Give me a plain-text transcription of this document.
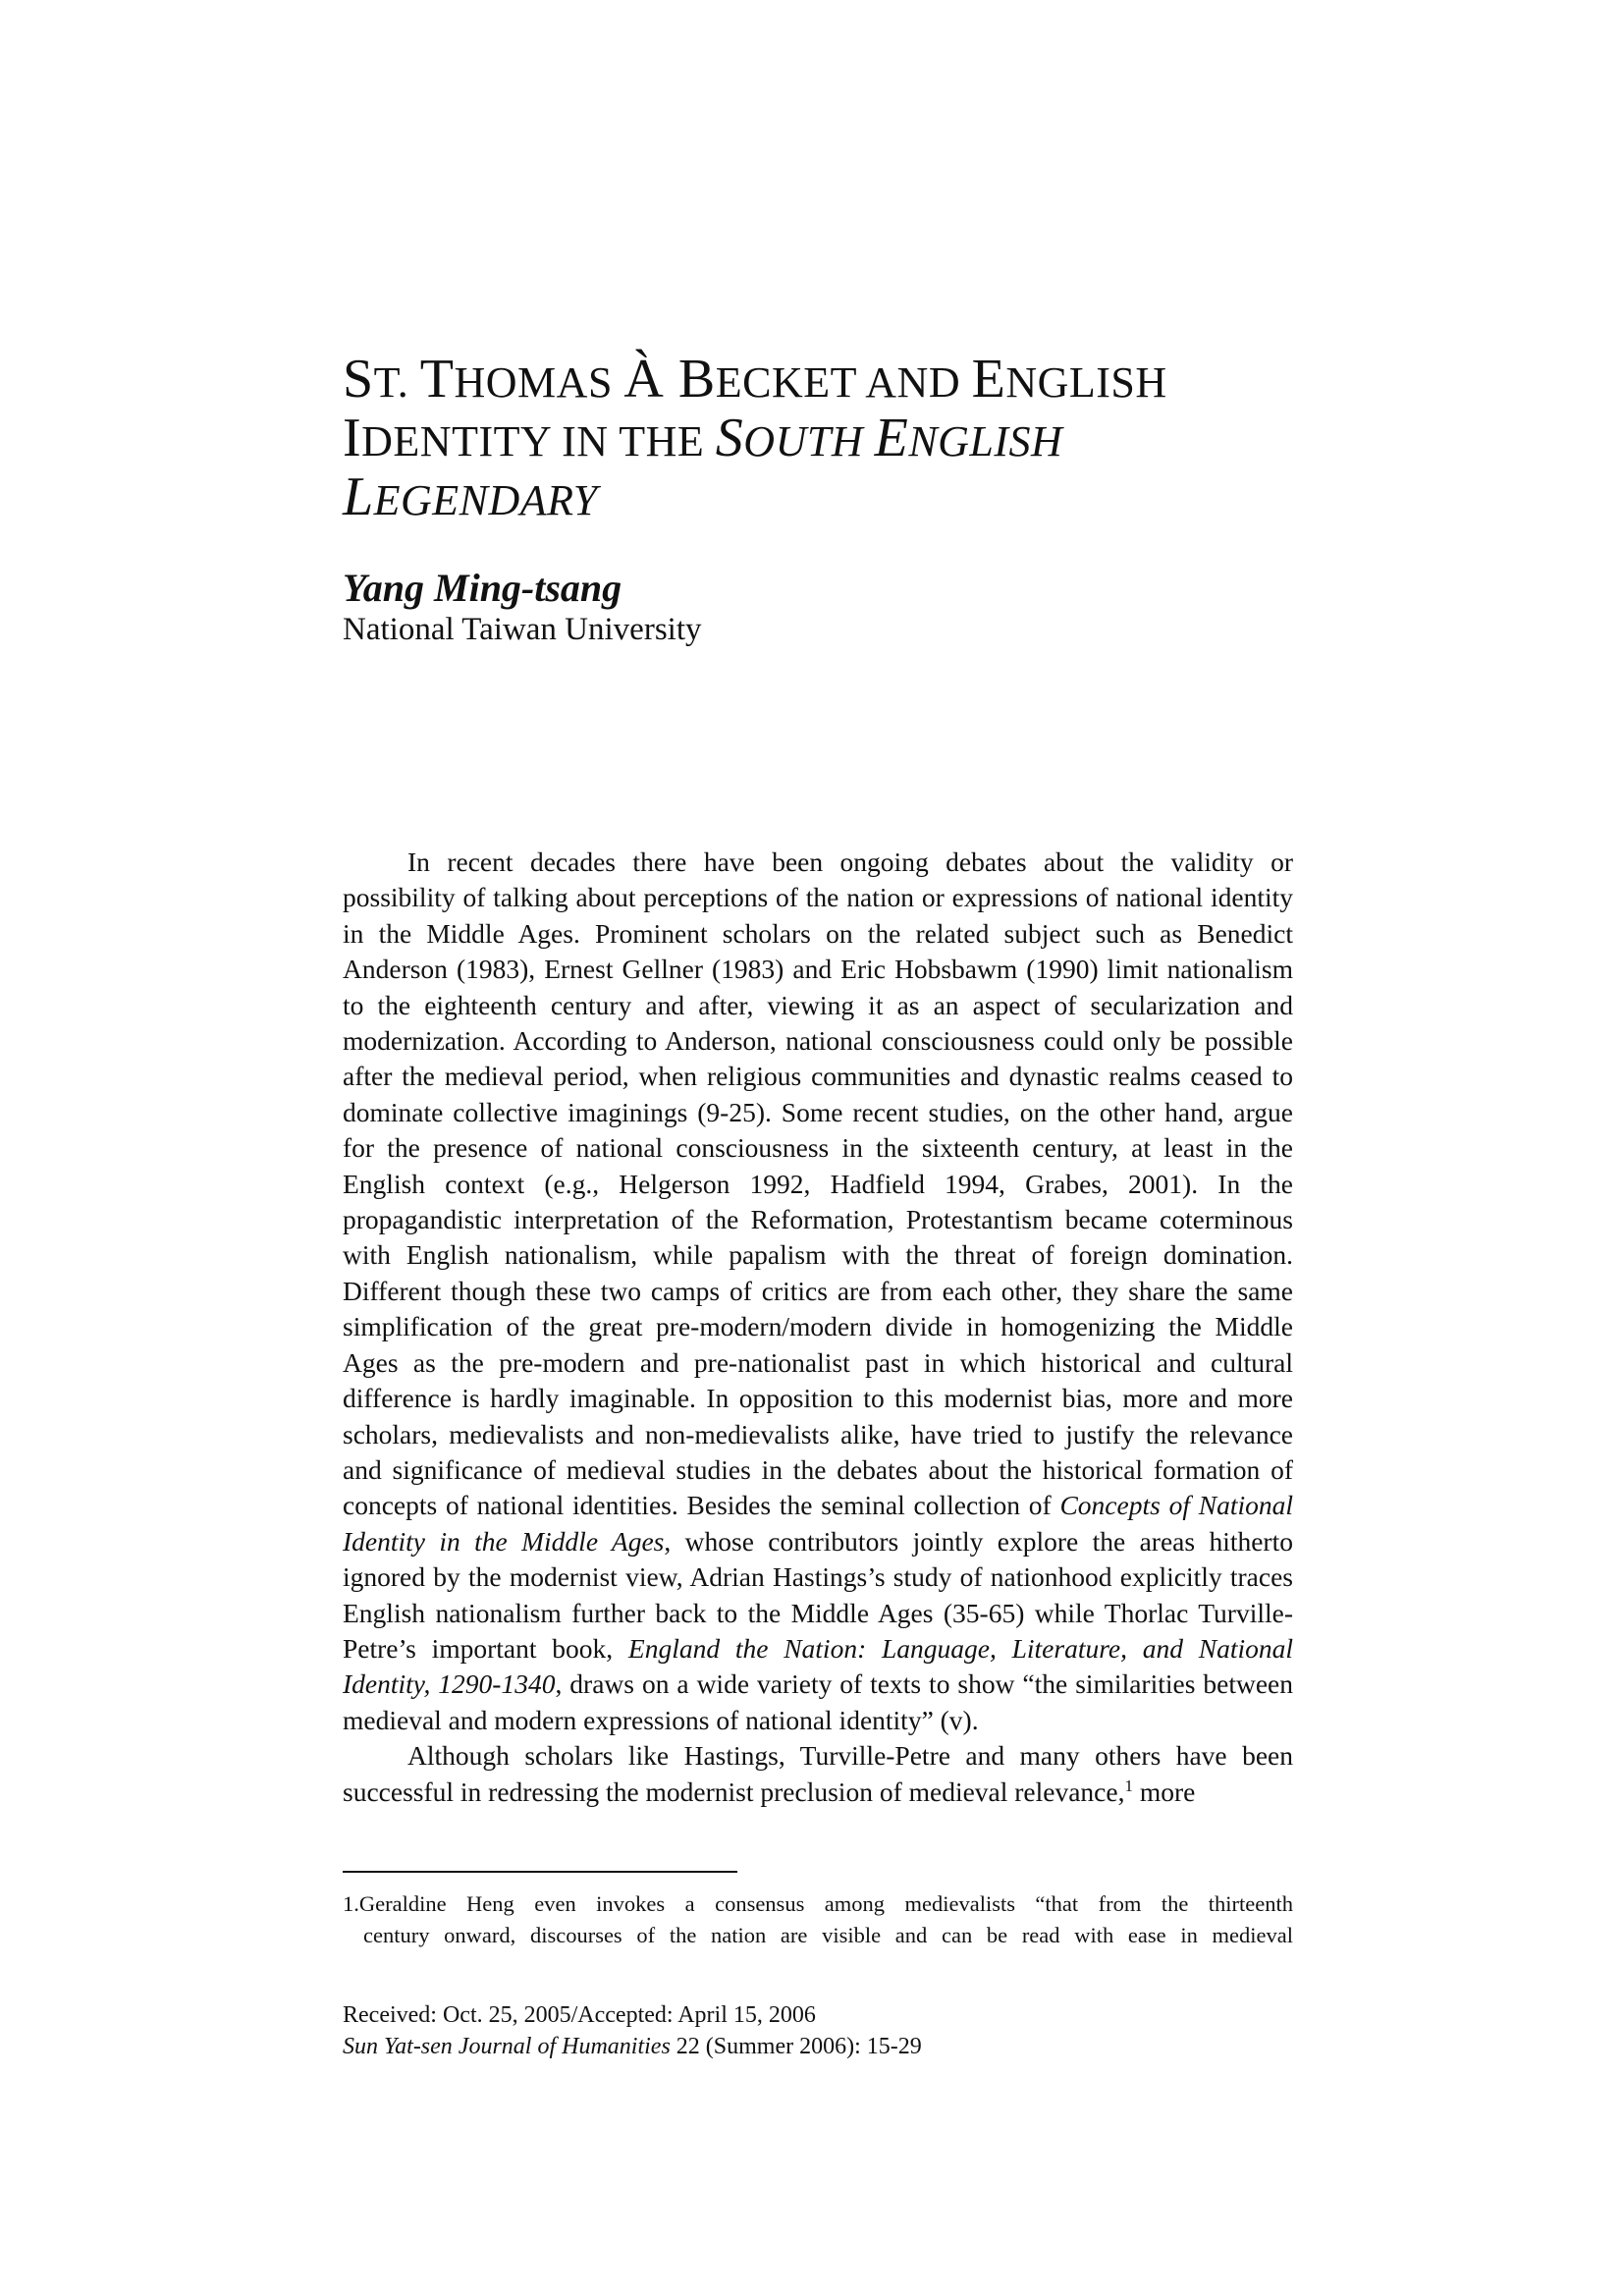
ST. THOMAS À BECKET AND ENGLISH
IDENTITY IN THE SOUTH ENGLISH
LEGENDARY
Yang Ming-tsang
National Taiwan University

In recent decades there have been ongoing debates about the validity or possibility of talking about perceptions of the nation or expressions of national identity in the Middle Ages. Prominent scholars on the related subject such as Benedict Anderson (1983), Ernest Gellner (1983) and Eric Hobsbawm (1990) limit nationalism to the eighteenth century and after, viewing it as an aspect of secularization and modernization. According to Anderson, national consciousness could only be possible after the medieval period, when religious communities and dynastic realms ceased to dominate collective imaginings (9-25). Some recent studies, on the other hand, argue for the presence of national consciousness in the sixteenth century, at least in the English context (e.g., Helgerson 1992, Hadfield 1994, Grabes, 2001). In the propagandistic interpretation of the Reformation, Protestantism became coterminous with English nationalism, while papalism with the threat of foreign domination. Different though these two camps of critics are from each other, they share the same simplification of the great pre-modern/modern divide in homogenizing the Middle Ages as the pre-modern and pre-nationalist past in which historical and cultural difference is hardly imaginable. In opposition to this modernist bias, more and more scholars, medievalists and non-medievalists alike, have tried to justify the relevance and significance of medieval studies in the debates about the historical formation of concepts of national identities. Besides the seminal collection of Concepts of National Identity in the Middle Ages, whose contributors jointly explore the areas hitherto ignored by the modernist view, Adrian Hastings’s study of nationhood explicitly traces English nationalism further back to the Middle Ages (35-65) while Thorlac Turville-Petre’s important book, England the Nation: Language, Literature, and National Identity, 1290-1340, draws on a wide variety of texts to show “the similarities between medieval and modern expressions of national identity” (v).

Although scholars like Hastings, Turville-Petre and many others have been successful in redressing the modernist preclusion of medieval relevance,$^1$ more

1.Geraldine Heng even invokes a consensus among medievalists “that from the thirteenth
century onward, discourses of the nation are visible and can be read with ease in medieval
Received: Oct. 25, 2005/Accepted: April 15, 2006
Sun Yat-sen Journal of Humanities 22 (Summer 2006): 15-29
